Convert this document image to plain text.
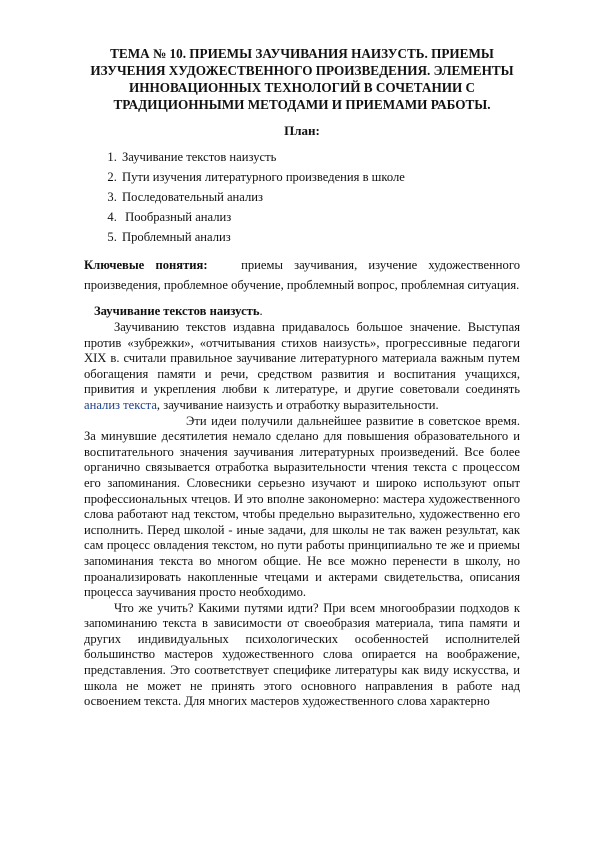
ТЕМА № 10. ПРИЕМЫ ЗАУЧИВАНИЯ НАИЗУСТЬ. ПРИЕМЫ
ИЗУЧЕНИЯ ХУДОЖЕСТВЕННОГО ПРОИЗВЕДЕНИЯ. ЭЛЕМЕНТЫ
ИННОВАЦИОННЫХ ТЕХНОЛОГИЙ В СОЧЕТАНИИ С
ТРАДИЦИОННЫМИ МЕТОДАМИ И ПРИЕМАМИ РАБОТЫ.
План:
1. Заучивание текстов наизусть
2. Пути изучения литературного произведения в школе
3. Последовательный анализ
4.  Пообразный анализ
5. Проблемный анализ

Ключевые понятия:	приемы заучивания, изучение художественного произведения, проблемное обучение, проблемный вопрос, проблемная ситуация.

Заучивание текстов наизусть.

Заучиванию текстов издавна придавалось большое значение. Выступая против «зубрежки», «отчитывания стихов наизусть», прогрессивные педагоги XIX в. считали правильное заучивание литературного материала важным путем обогащения памяти и речи, средством развития и воспитания учащихся, привития и укрепления любви к литературе, и другие советовали соединять анализ текста, заучивание наизусть и отработку выразительности.

Эти идеи получили дальнейшее развитие в советское время. За минувшие десятилетия немало сделано для повышения образовательного и воспитательного значения заучивания литературных произведений. Все более органично связывается отработка выразительности чтения текста с процессом его запоминания. Словесники серьезно изучают и широко используют опыт профессиональных чтецов. И это вполне закономерно: мастера художественного слова работают над текстом, чтобы предельно выразительно, художественно его исполнить. Перед школой - иные задачи, для школы не так важен результат, как сам процесс овладения текстом, но пути работы принципиально те же и приемы запоминания текста во многом общие. Не все можно перенести в школу, но проанализировать накопленные чтецами и актерами свидетельства, описания процесса заучивания просто необходимо.

Что же учить? Какими путями идти? При всем многообразии подходов к запоминанию текста в зависимости от своеобразия материала, типа памяти и других индивидуальных психологических особенностей исполнителей большинство мастеров художественного слова опирается на воображение, представления. Это соответствует специфике литературы как виду искусства, и школа не может не принять этого основного направления в работе над освоением текста. Для многих мастеров художественного слова характерно
